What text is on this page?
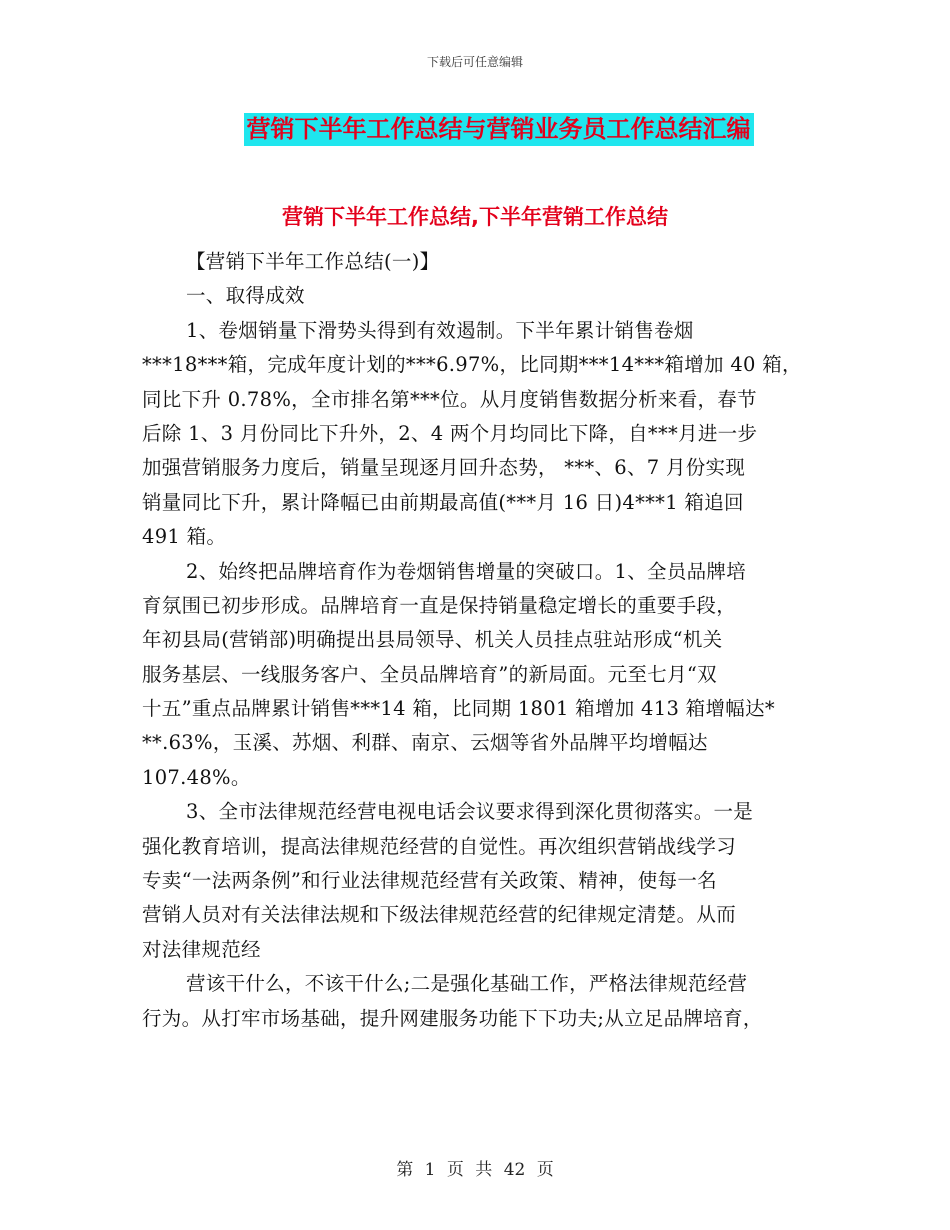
下载后可任意编辑
营销下半年工作总结与营销业务员工作总结汇编
营销下半年工作总结,下半年营销工作总结
【营销下半年工作总结(一)】
一、取得成效
1、卷烟销量下滑势头得到有效遏制。下半年累计销售卷烟
***18***箱，完成年度计划的***6.97%，比同期***14***箱增加 40 箱，
同比下升 0.78%，全市排名第***位。从月度销售数据分析来看，春节
后除 1、3 月份同比下升外，2、4 两个月均同比下降，自***月进一步
加强营销服务力度后，销量呈现逐月回升态势， ***、6、7 月份实现
销量同比下升，累计降幅已由前期最高值(***月 16 日)4***1 箱追回
491 箱。
2、始终把品牌培育作为卷烟销售增量的突破口。1、全员品牌培
育氛围已初步形成。品牌培育一直是保持销量稳定增长的重要手段，
年初县局(营销部)明确提出县局领导、机关人员挂点驻站形成“机关
服务基层、一线服务客户、全员品牌培育”的新局面。元至七月“双
十五”重点品牌累计销售***14 箱，比同期 1801 箱增加 413 箱增幅达*
**.63%，玉溪、苏烟、利群、南京、云烟等省外品牌平均增幅达
107.48%。
3、全市法律规范经营电视电话会议要求得到深化贯彻落实。一是
强化教育培训，提高法律规范经营的自觉性。再次组织营销战线学习
专卖“一法两条例”和行业法律规范经营有关政策、精神，使每一名
营销人员对有关法律法规和下级法律规范经营的纪律规定清楚。从而
对法律规范经
营该干什么，不该干什么;二是强化基础工作，严格法律规范经营
行为。从打牢市场基础，提升网建服务功能下下功夫;从立足品牌培育，
第 1 页 共 42 页
